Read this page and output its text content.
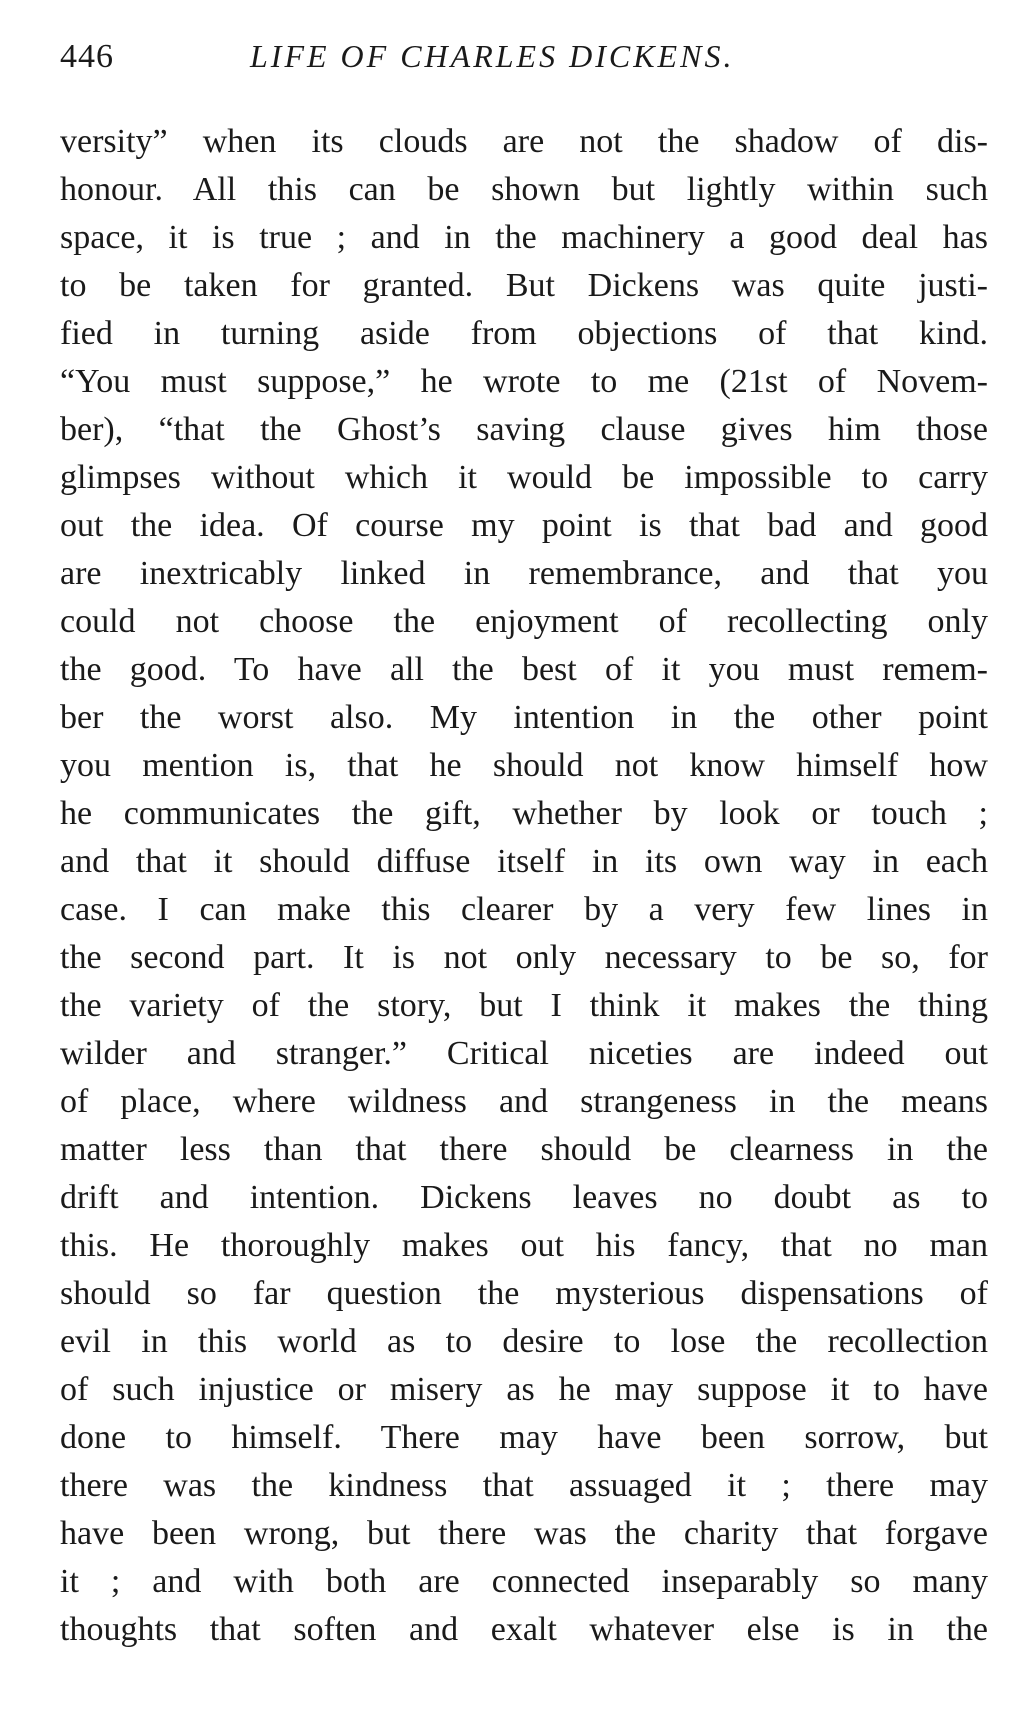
446	LIFE OF CHARLES DICKENS.
versity” when its clouds are not the shadow of dis-
honour. All this can be shown but lightly within such
space, it is true ; and in the machinery a good deal has
to be taken for granted. But Dickens was quite justi-
fied in turning aside from objections of that kind.
“You must suppose,” he wrote to me (21st of Novem-
ber), “that the Ghost’s saving clause gives him those
glimpses without which it would be impossible to carry
out the idea. Of course my point is that bad and good
are inextricably linked in remembrance, and that you
could not choose the enjoyment of recollecting only
the good. To have all the best of it you must remem-
ber the worst also. My intention in the other point
you mention is, that he should not know himself how
he communicates the gift, whether by look or touch ;
and that it should diffuse itself in its own way in each
case. I can make this clearer by a very few lines in
the second part. It is not only necessary to be so, for
the variety of the story, but I think it makes the thing
wilder and stranger.” Critical niceties are indeed out
of place, where wildness and strangeness in the means
matter less than that there should be clearness in the
drift and intention. Dickens leaves no doubt as to
this. He thoroughly makes out his fancy, that no man
should so far question the mysterious dispensations of
evil in this world as to desire to lose the recollection
of such injustice or misery as he may suppose it to have
done to himself. There may have been sorrow, but
there was the kindness that assuaged it ; there may
have been wrong, but there was the charity that forgave
it ; and with both are connected inseparably so many
thoughts that soften and exalt whatever else is in the
